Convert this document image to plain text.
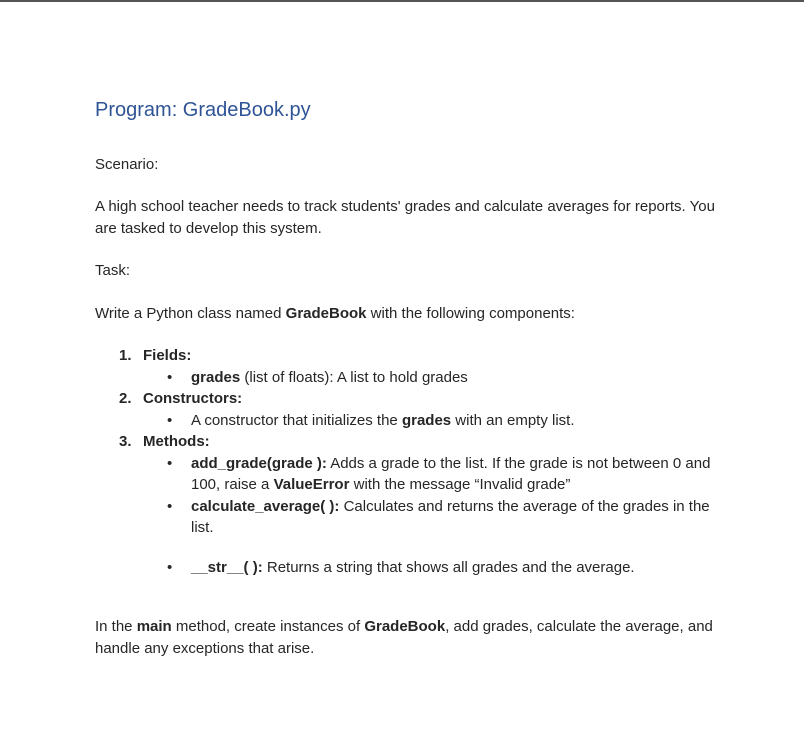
Program: GradeBook.py

Scenario:

A high school teacher needs to track students' grades and calculate averages for reports. You are tasked to develop this system.

Task:

Write a Python class named GradeBook with the following components:

1. Fields:
• grades (list of floats): A list to hold grades
2. Constructors:
• A constructor that initializes the grades with an empty list.
3. Methods:
• add_grade(grade ): Adds a grade to the list. If the grade is not between 0 and 100, raise a ValueError with the message “Invalid grade”
• calculate_average( ): Calculates and returns the average of the grades in the list.
• __str__( ): Returns a string that shows all grades and the average.

In the main method, create instances of GradeBook, add grades, calculate the average, and handle any exceptions that arise.
